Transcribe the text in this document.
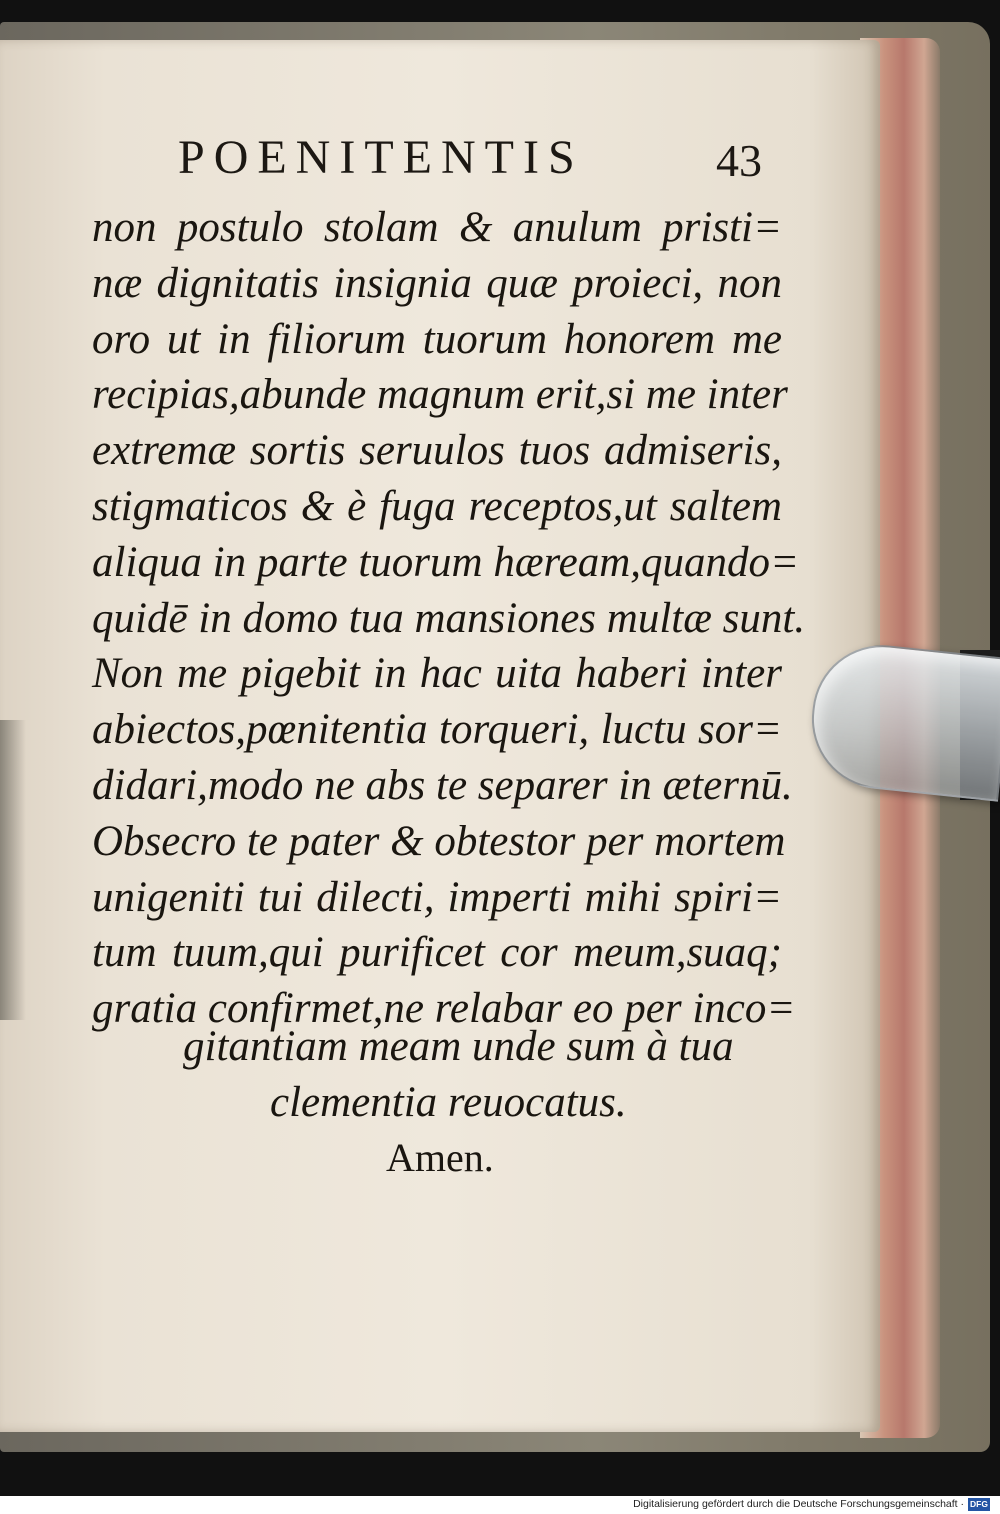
POENITENTIS	43
non postulo stolam & anulum pristi=
næ dignitatis insignia quæ proieci, non
oro ut in filiorum tuorum honorem me
recipias,abunde magnum erit,si me inter
extremæ sortis seruulos tuos admiseris,
stigmaticos & è fuga receptos,ut saltem
aliqua in parte tuorum hæream,quando=
quidē in domo tua mansiones multæ sunt.
Non me pigebit in hac uita haberi inter
abiectos,pœnitentia torqueri, luctu sor=
didari,modo ne abs te separer in æternū.
Obsecro te pater & obtestor per mortem
unigeniti tui dilecti, imperti mihi spiri=
tum tuum,qui purificet cor meum,suaq;
gratia confirmet,ne relabar eo per inco=
gitantiam meam unde sum à tua
clementia reuocatus.
Amen.
Digitalisierung gefördert durch die Deutsche Forschungsgemeinschaft · DFG
